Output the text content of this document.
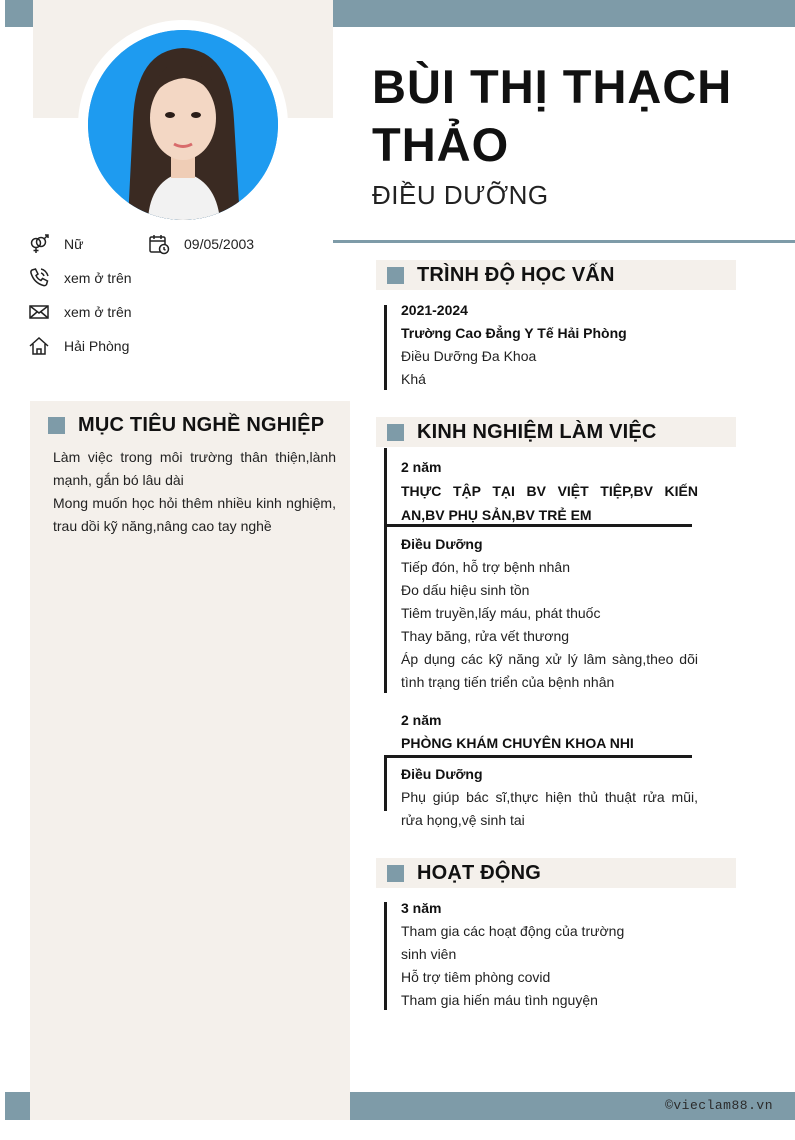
©vieclam88.vn
BÙI THỊ THẠCH
THẢO
ĐIỀU DƯỠNG
Nữ	09/05/2003
xem ở trên
xem ở trên
Hải Phòng
MỤC TIÊU NGHỀ NGHIỆP
Làm việc trong môi trường thân thiện,lành mạnh, gắn bó lâu dài
Mong muốn học hỏi thêm nhiều kinh nghiệm, trau dồi kỹ năng,nâng cao tay nghề
TRÌNH ĐỘ HỌC VẤN
2021-2024
Trường Cao Đẳng Y Tế Hải Phòng
Điều Dưỡng Đa Khoa
Khá
KINH NGHIỆM LÀM VIỆC
2 năm
THỰC TẬP TẠI BV VIỆT TIỆP,BV KIẾN AN,BV PHỤ SẢN,BV TRẺ EM
Điều Dưỡng
Tiếp đón, hỗ trợ bệnh nhân
Đo dấu hiệu sinh tồn
Tiêm truyền,lấy máu, phát thuốc
Thay băng, rửa vết thương
Áp dụng các kỹ năng xử lý lâm sàng,theo dõi tình trạng tiến triển của bệnh nhân
2 năm
PHÒNG KHÁM CHUYÊN KHOA NHI
Điều Dưỡng
Phụ giúp bác sĩ,thực hiện thủ thuật rửa mũi, rửa họng,vệ sinh tai
HOẠT ĐỘNG
3 năm
Tham gia các hoạt động của trường
sinh viên
Hỗ trợ tiêm phòng covid
Tham gia hiến máu tình nguyện
